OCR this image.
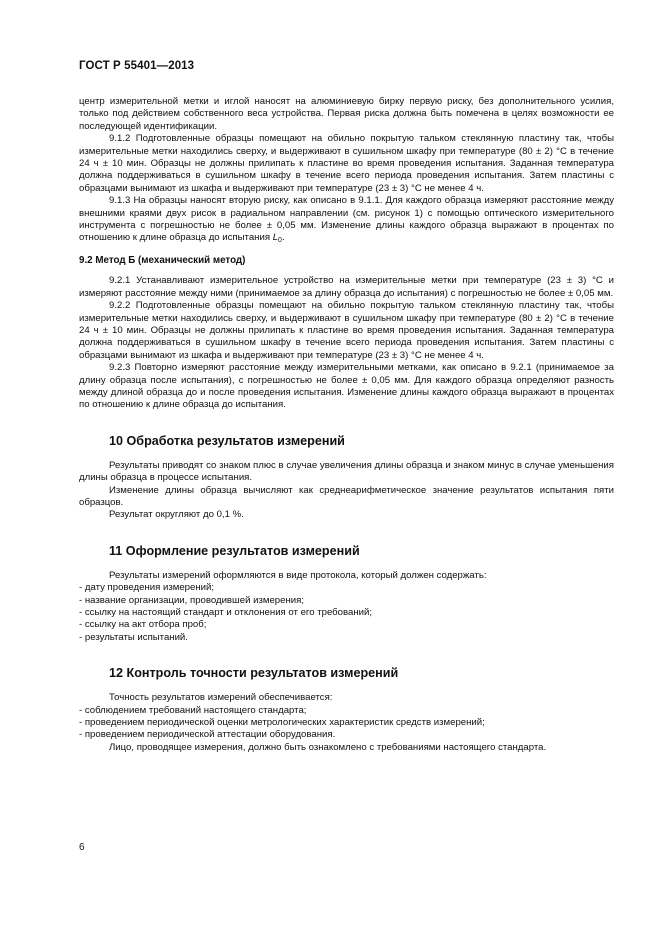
ГОСТ Р 55401—2013

центр измерительной метки и иглой наносят на алюминиевую бирку первую риску, без дополнительного усилия, только под действием собственного веса устройства. Первая риска должна быть помечена в целях возможности ее последующей идентификации.

9.1.2 Подготовленные образцы помещают на обильно покрытую тальком стеклянную пластину так, чтобы измерительные метки находились сверху, и выдерживают в сушильном шкафу при температуре (80 ± 2) °С в течение 24 ч ± 10 мин. Образцы не должны прилипать к пластине во время проведения испытания. Заданная температура должна поддерживаться в сушильном шкафу в течение всего периода проведения испытания. Затем пластины с образцами вынимают из шкафа и выдерживают при температуре (23 ± 3) °С не менее 4 ч.

9.1.3 На образцы наносят вторую риску, как описано в 9.1.1. Для каждого образца измеряют расстояние между внешними краями двух рисок в радиальном направлении (см. рисунок 1) с помощью оптического измерительного инструмента с погрешностью не более ± 0,05 мм. Изменение длины каждого образца выражают в процентах по отношению к длине образца до испытания $L_0$.

9.2 Метод Б (механический метод)

9.2.1 Устанавливают измерительное устройство на измерительные метки при температуре (23 ± 3) °С и измеряют расстояние между ними (принимаемое за длину образца до испытания) с погрешностью не более ± 0,05 мм.

9.2.2 Подготовленные образцы помещают на обильно покрытую тальком стеклянную пластину так, чтобы измерительные метки находились сверху, и выдерживают в сушильном шкафу при температуре (80 ± 2) °С в течение 24 ч ± 10 мин. Образцы не должны прилипать к пластине во время проведения испытания. Заданная температура должна поддерживаться в сушильном шкафу в течение всего периода проведения испытания. Затем пластины с образцами вынимают из шкафа и выдерживают при температуре (23 ± 3) °С не менее 4 ч.

9.2.3 Повторно измеряют расстояние между измерительными метками, как описано в 9.2.1 (принимаемое за длину образца после испытания), с погрешностью не более ± 0,05 мм. Для каждого образца определяют разность между длиной образца до и после проведения испытания. Изменение длины каждого образца выражают в процентах по отношению к длине образца до испытания.

10 Обработка результатов измерений

Результаты приводят со знаком плюс в случае увеличения длины образца и знаком минус в случае уменьшения длины образца в процессе испытания.

Изменение длины образца вычисляют как среднеарифметическое значение результатов испытания пяти образцов.

Результат округляют до 0,1 %.

11 Оформление результатов измерений

Результаты измерений оформляются в виде протокола, который должен содержать:

- дату проведения измерений;

- название организации, проводившей измерения;

- ссылку на настоящий стандарт и отклонения от его требований;

- ссылку на акт отбора проб;

- результаты испытаний.

12 Контроль точности результатов измерений

Точность результатов измерений обеспечивается:

- соблюдением требований настоящего стандарта;

- проведением периодической оценки метрологических характеристик средств измерений;

- проведением периодической аттестации оборудования.

Лицо, проводящее измерения, должно быть ознакомлено с требованиями настоящего стандарта.

6
